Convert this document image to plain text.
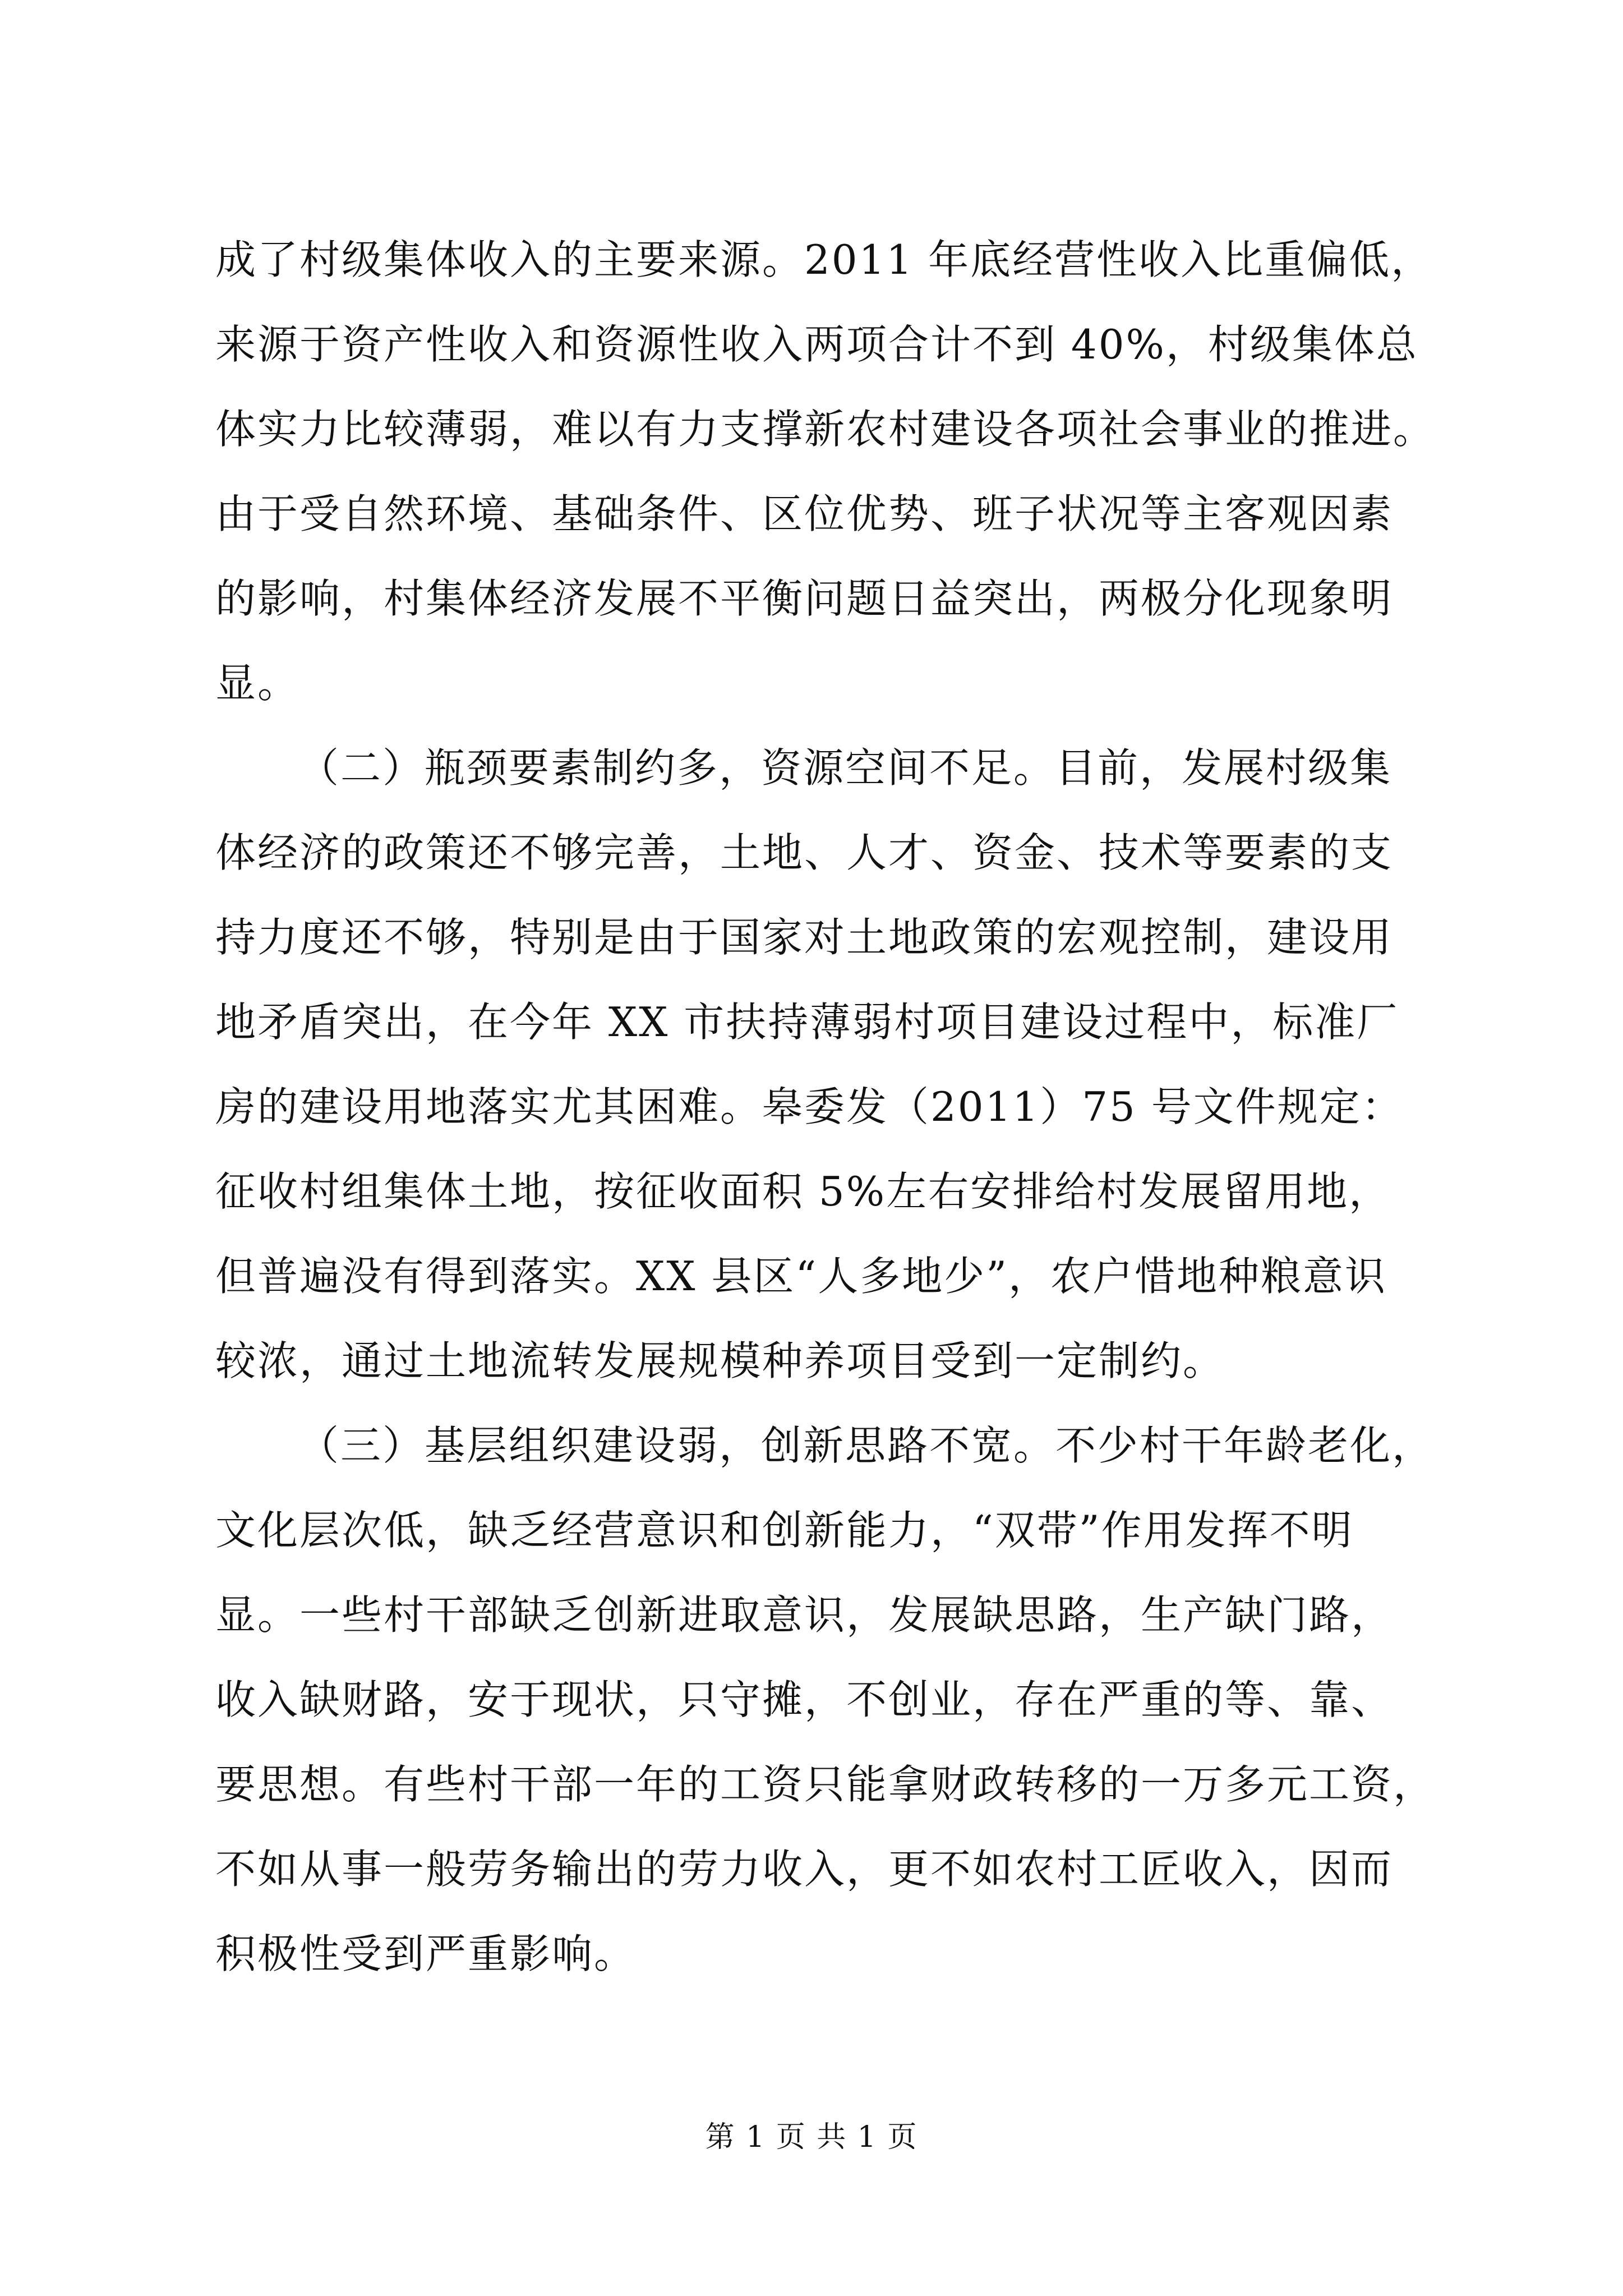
成了村级集体收入的主要来源。2011 年底经营性收入比重偏低，
来源于资产性收入和资源性收入两项合计不到 40%，村级集体总
体实力比较薄弱，难以有力支撑新农村建设各项社会事业的推进。
由于受自然环境、基础条件、区位优势、班子状况等主客观因素
的影响，村集体经济发展不平衡问题日益突出，两极分化现象明
显。
（二）瓶颈要素制约多，资源空间不足。目前，发展村级集
体经济的政策还不够完善，土地、人才、资金、技术等要素的支
持力度还不够，特别是由于国家对土地政策的宏观控制，建设用
地矛盾突出，在今年 XX 市扶持薄弱村项目建设过程中，标准厂
房的建设用地落实尤其困难。皋委发（2011）75 号文件规定：
征收村组集体土地，按征收面积 5%左右安排给村发展留用地，
但普遍没有得到落实。XX 县区“人多地少”，农户惜地种粮意识
较浓，通过土地流转发展规模种养项目受到一定制约。
（三）基层组织建设弱，创新思路不宽。不少村干年龄老化，
文化层次低，缺乏经营意识和创新能力，“双带”作用发挥不明
显。一些村干部缺乏创新进取意识，发展缺思路，生产缺门路，
收入缺财路，安于现状，只守摊，不创业，存在严重的等、靠、
要思想。有些村干部一年的工资只能拿财政转移的一万多元工资，
不如从事一般劳务输出的劳力收入，更不如农村工匠收入，因而
积极性受到严重影响。
第 1 页 共 1 页
